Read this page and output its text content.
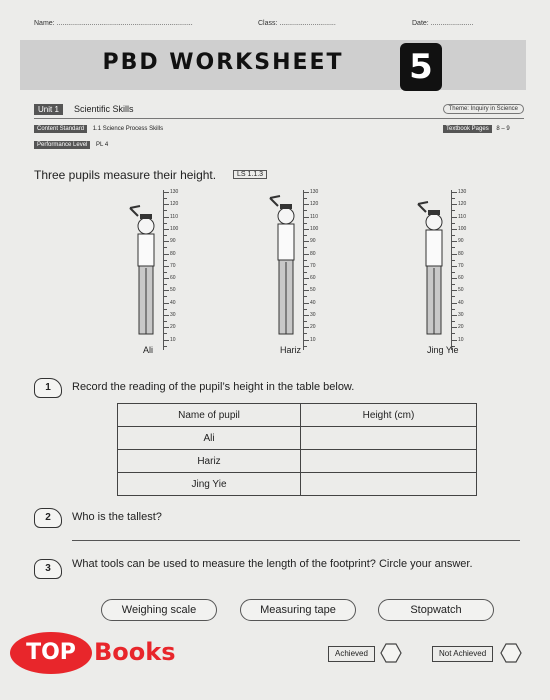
Name: ......................................................................	Class: .............................	Date: ......................
PBD WORKSHEET	5
Unit 1	Scientific Skills	Theme: Inquiry in Science
Content Standard 1.1 Science Process Skills	Textbook Pages 8 – 9
Performance Level PL 4
Three pupils measure their height.	LS 1.1.3
130
120
110
100
90
80
70
60
50
40
30
20
10
130
120
110
100
90
80
70
60
50
40
30
20
10
130
120
110
100
90
80
70
60
50
40
30
20
10
Ali	Hariz	Jing Yie
1	Record the reading of the pupil’s height in the table below.
Name of pupil	Height (cm)
Ali	
Hariz	
Jing Yie	
2	Who is the tallest?
3	What tools can be used to measure the length of the footprint? Circle your answer.
Weighing scale	Measuring tape	Stopwatch
TOP Books	Achieved	Not Achieved
